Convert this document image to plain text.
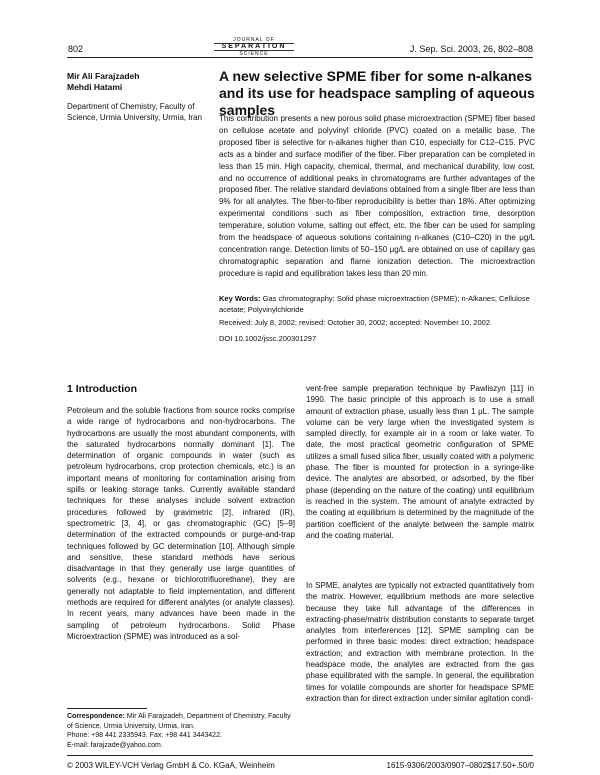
802
JOURNAL OF
SEPARATION
SCIENCE	J. Sep. Sci. 2003, 26, 802–808
Mir Ali Farajzadeh
Mehdi Hatami
Department of Chemistry, Faculty of Science, Urmia University, Urmia, Iran
A new selective SPME fiber for some n-alkanes and its use for headspace sampling of aqueous samples
This contribution presents a new porous solid phase microextraction (SPME) fiber based on cellulose acetate and polyvinyl chloride (PVC) coated on a metallic base. The proposed fiber is selective for n-alkanes higher than C10, especially for C12–C15. PVC acts as a binder and surface modifier of the fiber. Fiber preparation can be completed in less than 15 min. High capacity, chemical, thermal, and mechanical durability, low cost, and no occurrence of additional peaks in chromatograms are further advantages of the proposed fiber. The relative standard deviations obtained from a single fiber are less than 9% for all analytes. The fiber-to-fiber reproducibility is better than 18%. After optimizing experimental conditions such as fiber composition, extraction time, desorption temperature, solution volume, salting out effect, etc. the fiber can be used for sampling from the headspace of aqueous solutions containing n-alkanes (C10–C20) in the μg/L concentration range. Detection limits of 50–150 μg/L are obtained on use of capillary gas chromatographic separation and flame ionization detection. The microextraction procedure is rapid and equilibration takes less than 20 min.
Key Words: Gas chromatography; Solid phase microextraction (SPME); n-Alkanes; Cellulose acetate; Polyvinylchloride
Received: July 8, 2002; revised: October 30, 2002; accepted: November 10, 2002
DOI 10.1002/jssc.200301297
1 Introduction
Petroleum and the soluble fractions from source rocks comprise a wide range of hydrocarbons and non-hydrocarbons. The hydrocarbons are usually the most abundant components, with the saturated hydrocarbons normally dominant [1]. The determination of organic compounds in water (such as petroleum hydrocarbons, crop protection chemicals, etc.) is an important means of monitoring for contamination arising from spills or leaking storage tanks. Currently available standard techniques for these analyses include solvent extraction procedures followed by gravimetric [2], infrared (IR), spectrometric [3, 4], or gas chromatographic (GC) [5–9] determination of the extracted compounds or purge-and-trap techniques followed by GC determination [10]. Although simple and sensitive, these standard methods have serious disadvantage in that they generally use large quantities of solvents (e.g., hexane or trichlorotrifluorethane), they are generally not adaptable to field implementation, and different methods are required for different analytes (or analyte classes). In recent years, many advances have been made in the sampling of petroleum hydrocarbons. Solid Phase Microextraction (SPME) was introduced as a sol-
vent-free sample preparation technique by Pawliszyn [11] in 1990. The basic principle of this approach is to use a small amount of extraction phase, usually less than 1 μL. The sample volume can be very large when the investigated system is sampled directly, for example air in a room or lake water. To date, the most practical geometric configuration of SPME utilizes a small fused silica fiber, usually coated with a polymeric phase. The fiber is mounted for protection in a syringe-like device. The analytes are absorbed, or adsorbed, by the fiber phase (depending on the nature of the coating) until equilibrium is reached in the system. The amount of analyte extracted by the coating at equilibrium is determined by the magnitude of the partition coefficient of the analyte between the sample matrix and the coating material.
In SPME, analytes are typically not extracted quantitatively from the matrix. However, equilibrium methods are more selective because they take full advantage of the differences in extracting-phase/matrix distribution constants to separate target analytes from interferences [12]. SPME sampling can be performed in three basic modes: direct extraction; headspace extraction; and extraction with membrane protection. In the headspace mode, the analytes are extracted from the gas phase equilibrated with the sample. In general, the equilibration times for volatile compounds are shorter for headspace SPME extraction than for direct extraction under similar agitation condi-
Correspondence: Mir Ali Farajzadeh, Department of Chemistry, Faculty of Science, Urmia University, Urmia, Iran.
Phone: +98 441 2335943. Fax: +98 441 3443422.
E-mail: farajzade@yahoo.com.
© 2003 WILEY-VCH Verlag GmbH & Co. KGaA, Weinheim	1615-9306/2003/0907–0802$17.50+.50/0
